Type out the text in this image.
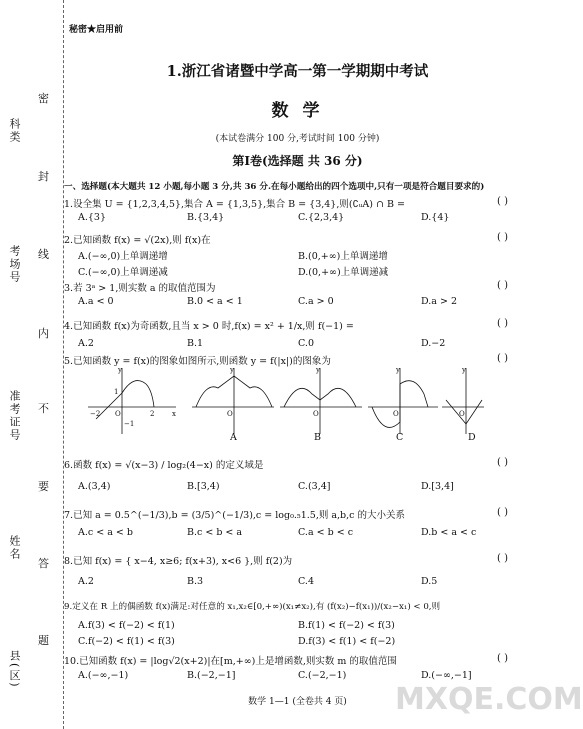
科类
考场号
准考证号
姓名
县(区)
密
封
线
内
不
要
答
题
秘密★启用前
1.浙江省诸暨中学高一第一学期期中考试
数 学
(本试卷满分 100 分,考试时间 100 分钟)
第Ⅰ卷(选择题 共 36 分)
一、选择题(本大题共 12 小题,每小题 3 分,共 36 分.在每小题给出的四个选项中,只有一项是符合题目要求的)
1.设全集 U = {1,2,3,4,5},集合 A = {1,3,5},集合 B = {3,4},则(∁ᵤA) ∩ B =	( )
A.{3}	B.{3,4}	C.{2,3,4}	D.{4}
2.已知函数 f(x) = √(2x),则 f(x)在	( )
A.(−∞,0)上单调递增	B.(0,+∞)上单调递增
C.(−∞,0)上单调递减	D.(0,+∞)上单调递减
3.若 3ᵃ > 1,则实数 a 的取值范围为	( )
A.a < 0	B.0 < a < 1	C.a > 0	D.a > 2
4.已知函数 f(x)为奇函数,且当 x > 0 时,f(x) = x² + 1/x,则 f(−1) =	( )
A.2	B.1	C.0	D.−2
5.已知函数 y = f(x)的图象如图所示,则函数 y = f(|x|)的图象为	( )
y
x
O
1
2
−2
−1
y
O
y
O
y
O
y
O
A	B	C	D
6.函数 f(x) = √(x−3) / log₂(4−x) 的定义域是	( )
A.(3,4)	B.[3,4)	C.(3,4]	D.[3,4]
7.已知 a = 0.5^(−1/3),b = (3/5)^(−1/3),c = log₀.₅1.5,则 a,b,c 的大小关系	( )
A.c < a < b	B.c < b < a	C.a < b < c	D.b < a < c
8.已知 f(x) = { x−4, x≥6; f(x+3), x<6 },则 f(2)为	( )
A.2	B.3	C.4	D.5
9.定义在 R 上的偶函数 f(x)满足:对任意的 x₁,x₂∈[0,+∞)(x₁≠x₂),有 (f(x₂)−f(x₁))/(x₂−x₁) < 0,则
A.f(3) < f(−2) < f(1)	B.f(1) < f(−2) < f(3)
C.f(−2) < f(1) < f(3)	D.f(3) < f(1) < f(−2)
10.已知函数 f(x) = |log√2(x+2)|在[m,+∞)上是增函数,则实数 m 的取值范围	( )
A.(−∞,−1)	B.(−2,−1]	C.(−2,−1)	D.(−∞,−1]
数学 1—1 (全卷共 4 页)	MXQE.COM
